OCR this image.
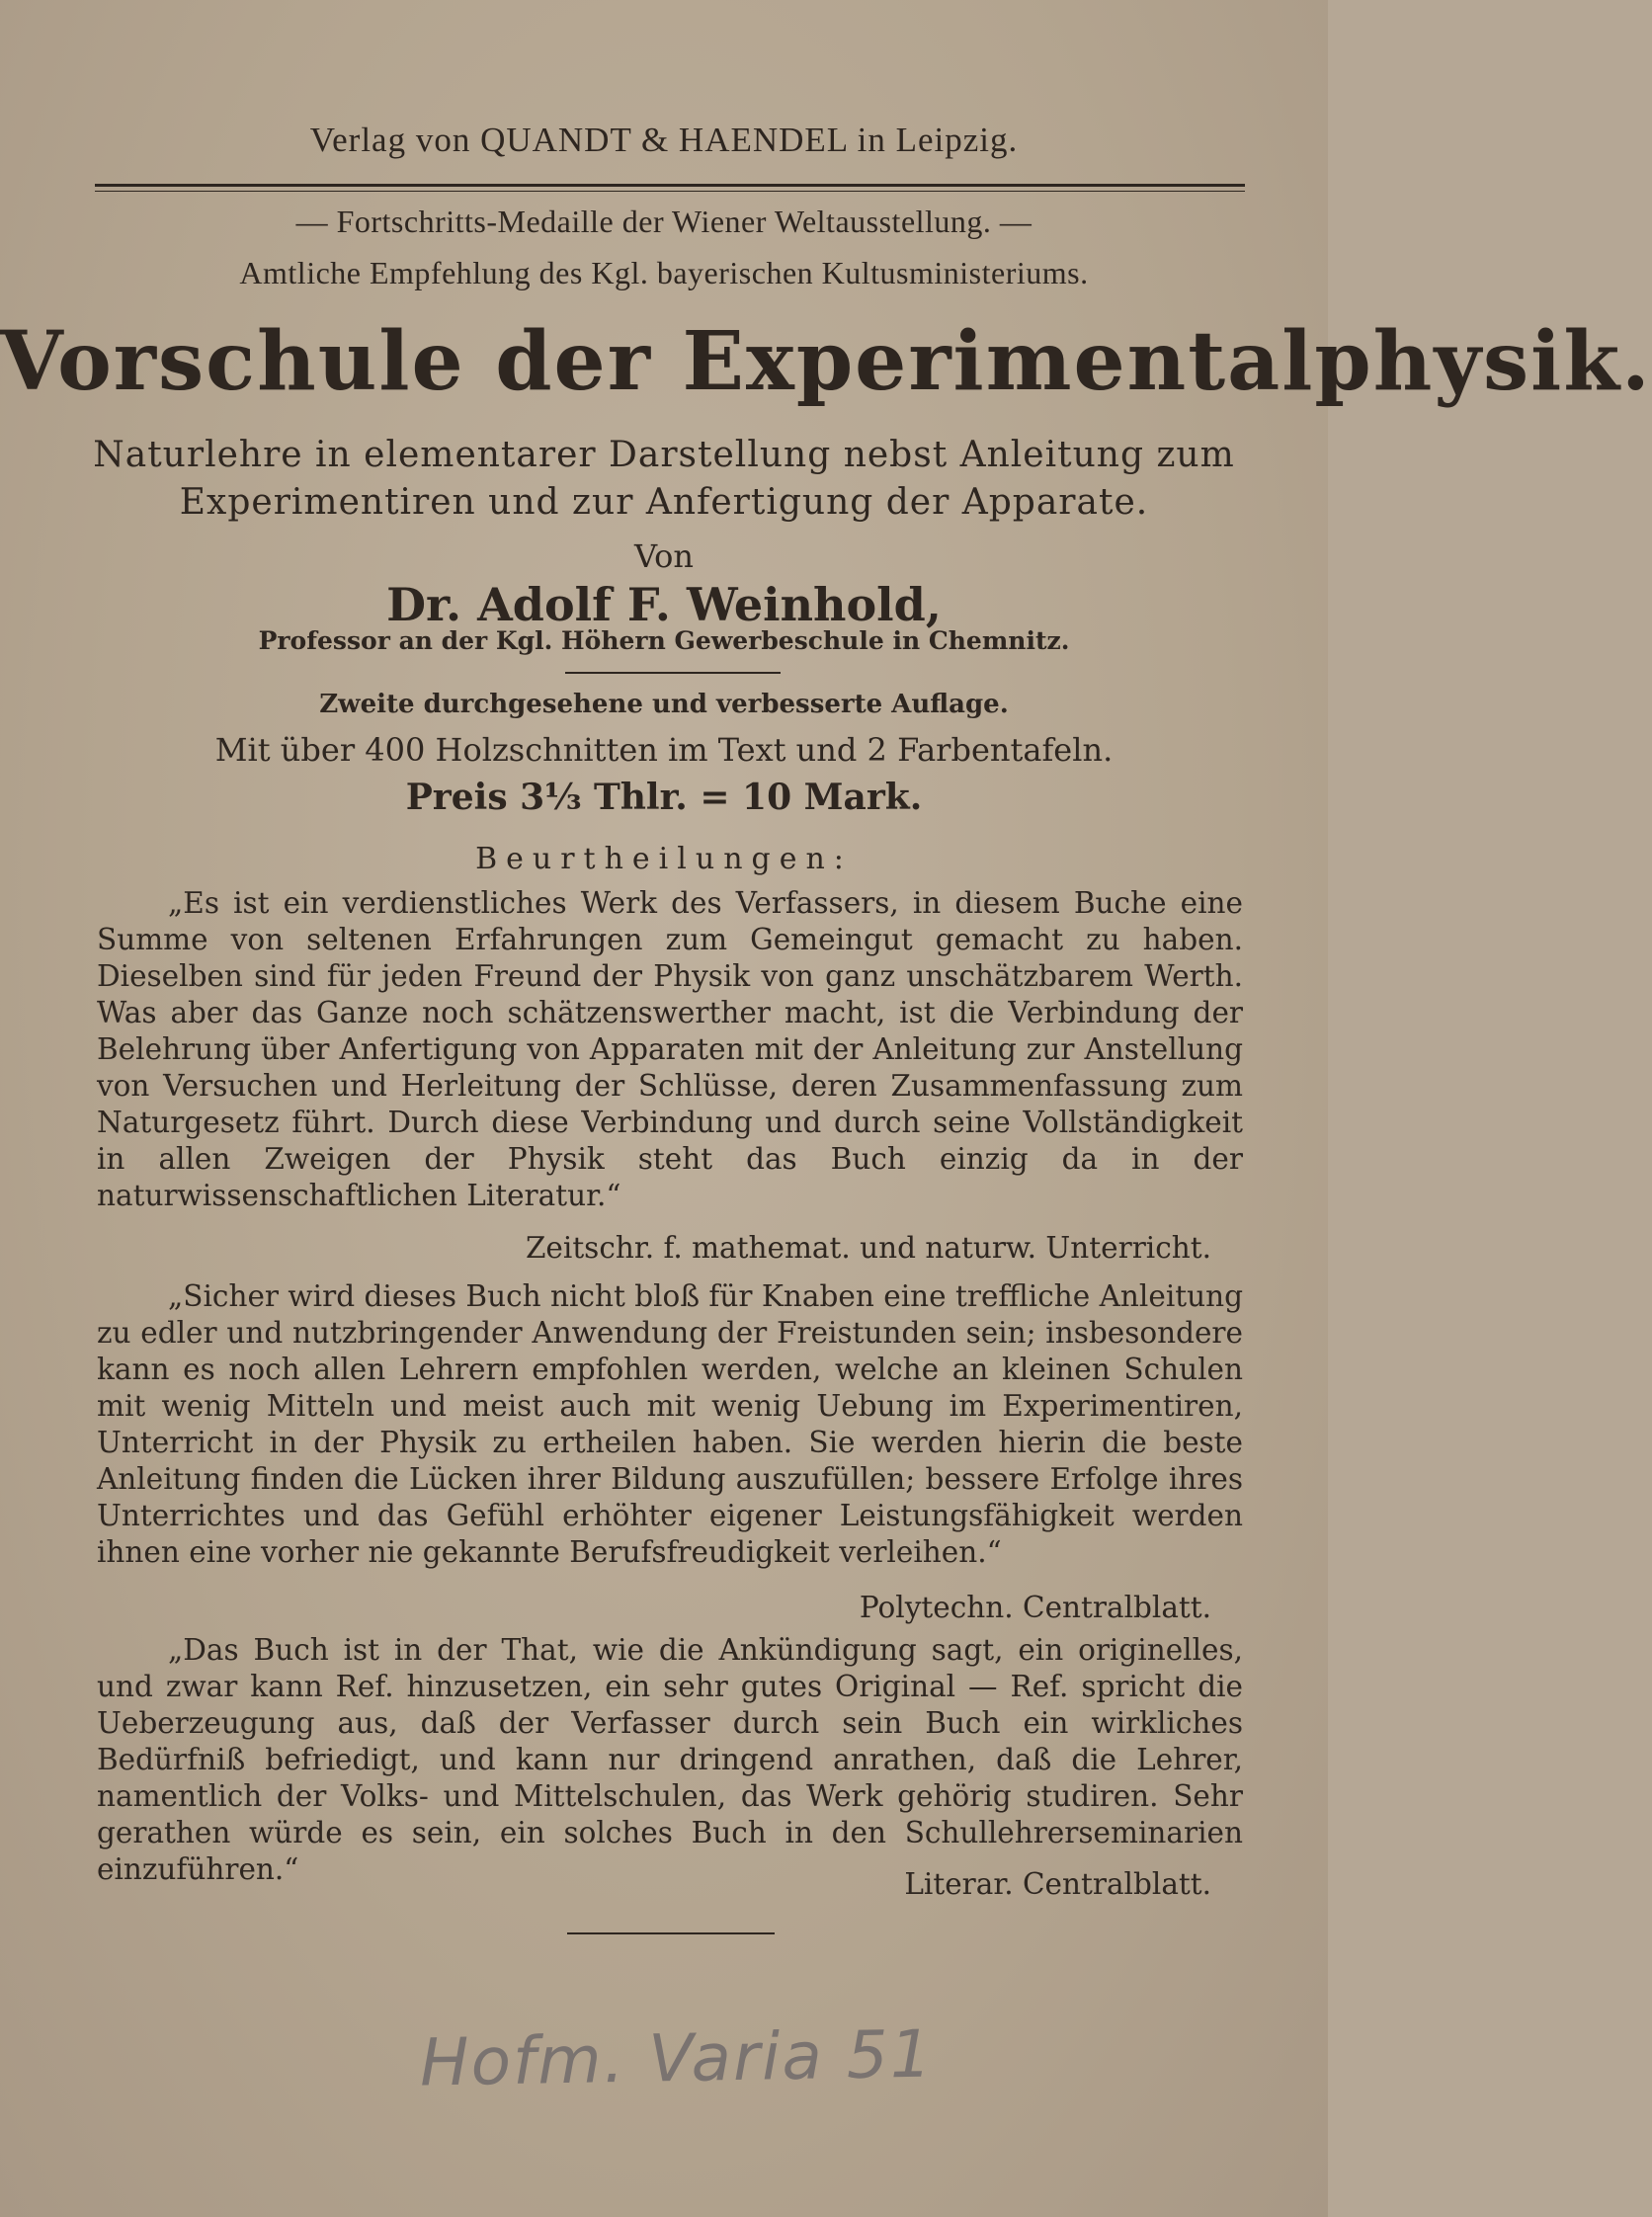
Verlag von QUANDT & HAENDEL in Leipzig.
— Fortschritts-Medaille der Wiener Weltausstellung. —
Amtliche Empfehlung des Kgl. bayerischen Kultusministeriums.
Vorschule der Experimentalphysik.
Naturlehre in elementarer Darstellung nebst Anleitung zum
Experimentiren und zur Anfertigung der Apparate.
Von
Dr. Adolf F. Weinhold,
Professor an der Kgl. Höhern Gewerbeschule in Chemnitz.
Zweite durchgesehene und verbesserte Auflage.
Mit über 400 Holzschnitten im Text und 2 Farbentafeln.
Preis 3⅓ Thlr. = 10 Mark.
Beurtheilungen:
„Es ist ein verdienstliches Werk des Verfassers, in diesem Buche eine Summe von seltenen Erfahrungen zum Gemeingut gemacht zu haben. Dieselben sind für jeden Freund der Physik von ganz unschätzbarem Werth. Was aber das Ganze noch schätzenswerther macht, ist die Verbindung der Belehrung über Anfertigung von Apparaten mit der Anleitung zur Anstellung von Versuchen und Herleitung der Schlüsse, deren Zusammenfassung zum Naturgesetz führt. Durch diese Verbindung und durch seine Vollständigkeit in allen Zweigen der Physik steht das Buch einzig da in der naturwissenschaftlichen Literatur.“
Zeitschr. f. mathemat. und naturw. Unterricht.
„Sicher wird dieses Buch nicht bloß für Knaben eine treffliche Anleitung zu edler und nutzbringender Anwendung der Freistunden sein; insbesondere kann es noch allen Lehrern empfohlen werden, welche an kleinen Schulen mit wenig Mitteln und meist auch mit wenig Uebung im Experimentiren, Unterricht in der Physik zu ertheilen haben. Sie werden hierin die beste Anleitung finden die Lücken ihrer Bildung auszufüllen; bessere Erfolge ihres Unterrichtes und das Gefühl erhöhter eigener Leistungsfähigkeit werden ihnen eine vorher nie gekannte Berufsfreudigkeit verleihen.“
Polytechn. Centralblatt.
„Das Buch ist in der That, wie die Ankündigung sagt, ein originelles, und zwar kann Ref. hinzusetzen, ein sehr gutes Original — Ref. spricht die Ueberzeugung aus, daß der Verfasser durch sein Buch ein wirkliches Bedürfniß befriedigt, und kann nur dringend anrathen, daß die Lehrer, namentlich der Volks- und Mittelschulen, das Werk gehörig studiren. Sehr gerathen würde es sein, ein solches Buch in den Schullehrerseminarien einzuführen.“	Literar. Centralblatt.
Hofm. Varia 51
